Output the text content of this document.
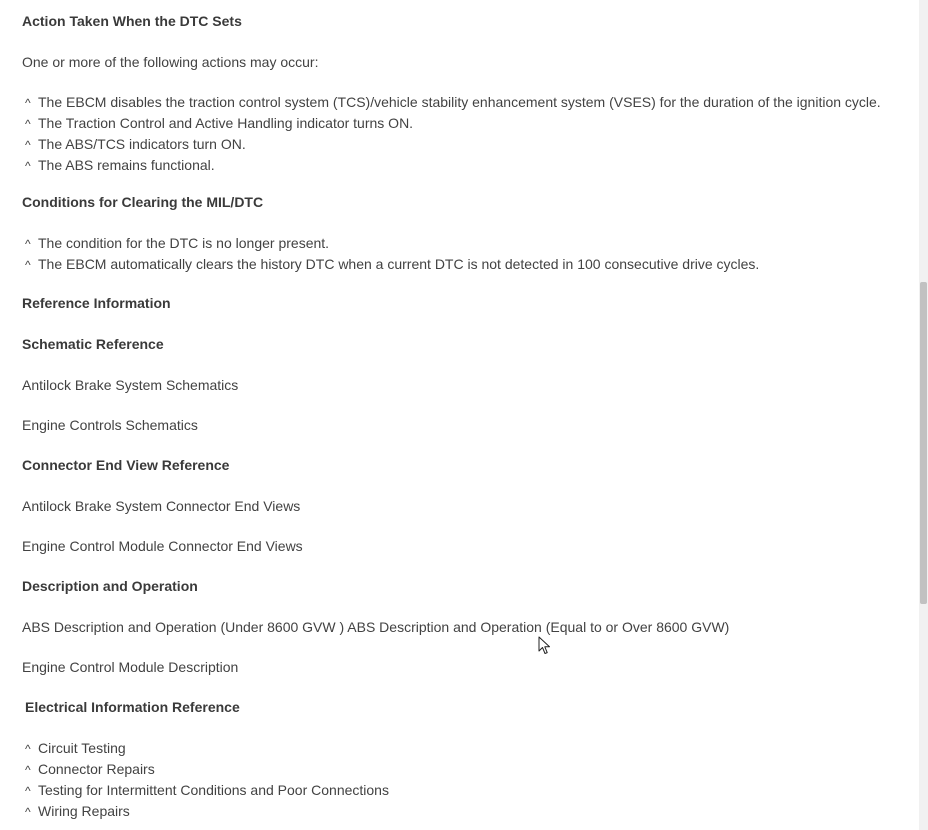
Action Taken When the DTC Sets

One or more of the following actions may occur:

^ The EBCM disables the traction control system (TCS)/vehicle stability enhancement system (VSES) for the duration of the ignition cycle.
^ The Traction Control and Active Handling indicator turns ON.
^ The ABS/TCS indicators turn ON.
^ The ABS remains functional.

Conditions for Clearing the MIL/DTC

^ The condition for the DTC is no longer present.
^ The EBCM automatically clears the history DTC when a current DTC is not detected in 100 consecutive drive cycles.

Reference Information

Schematic Reference

Antilock Brake System Schematics

Engine Controls Schematics

Connector End View Reference

Antilock Brake System Connector End Views

Engine Control Module Connector End Views

Description and Operation

ABS Description and Operation (Under 8600 GVW ) ABS Description and Operation (Equal to or Over 8600 GVW)

Engine Control Module Description

Electrical Information Reference

^ Circuit Testing
^ Connector Repairs
^ Testing for Intermittent Conditions and Poor Connections
^ Wiring Repairs
